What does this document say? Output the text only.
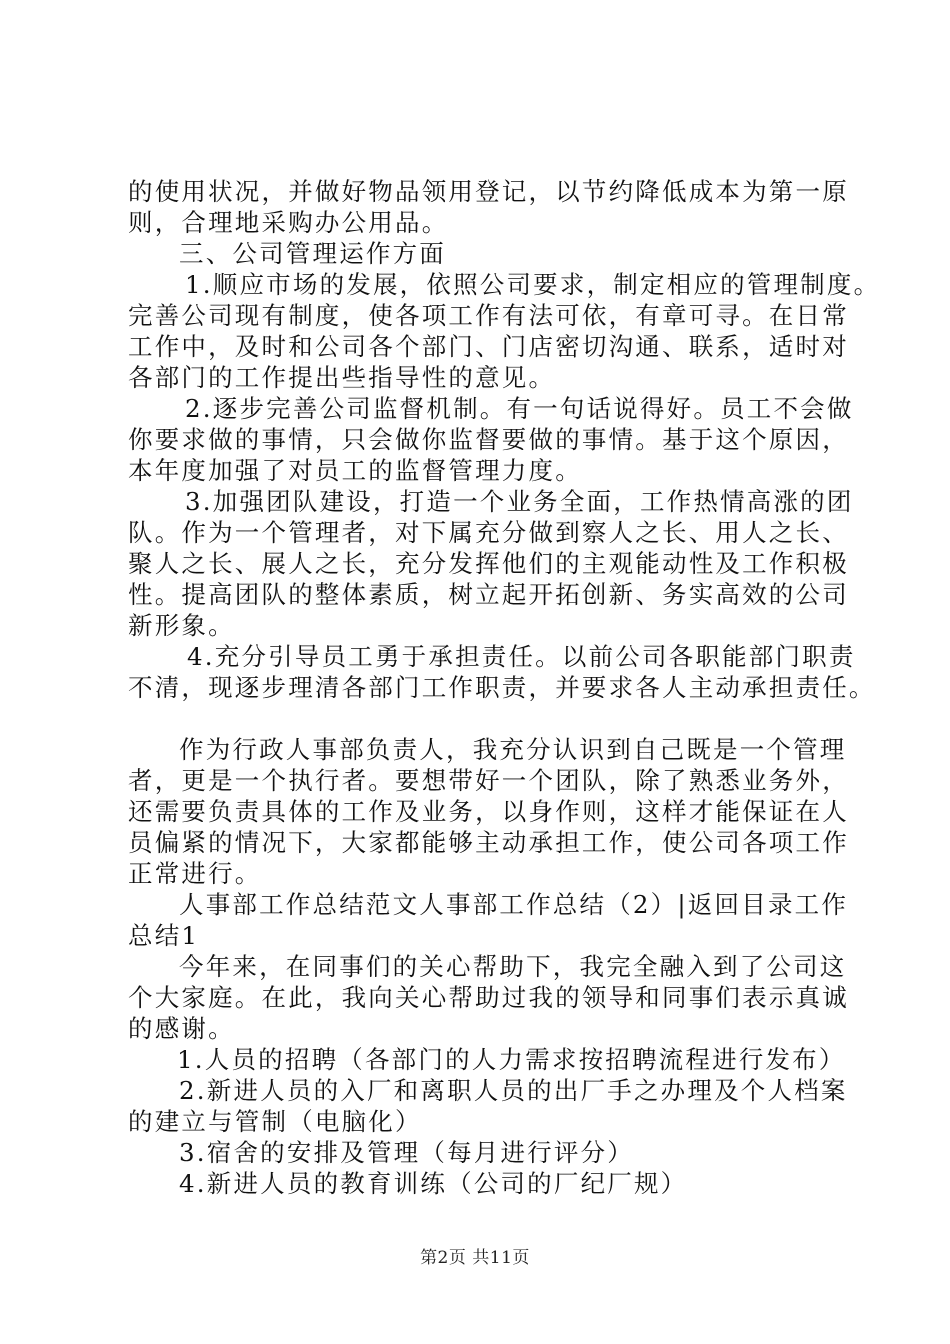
的使用状况，并做好物品领用登记，以节约降低成本为第一原
则，合理地采购办公用品。
三、公司管理运作方面
1.顺应市场的发展，依照公司要求，制定相应的管理制度。
完善公司现有制度，使各项工作有法可依，有章可寻。在日常
工作中，及时和公司各个部门、门店密切沟通、联系，适时对
各部门的工作提出些指导性的意见。
2.逐步完善公司监督机制。有一句话说得好。员工不会做
你要求做的事情，只会做你监督要做的事情。基于这个原因，
本年度加强了对员工的监督管理力度。
3.加强团队建设，打造一个业务全面，工作热情高涨的团
队。作为一个管理者，对下属充分做到察人之长、用人之长、
聚人之长、展人之长，充分发挥他们的主观能动性及工作积极
性。提高团队的整体素质，树立起开拓创新、务实高效的公司
新形象。
4.充分引导员工勇于承担责任。以前公司各职能部门职责
不清，现逐步理清各部门工作职责，并要求各人主动承担责任。
作为行政人事部负责人，我充分认识到自己既是一个管理
者，更是一个执行者。要想带好一个团队，除了熟悉业务外，
还需要负责具体的工作及业务，以身作则，这样才能保证在人
员偏紧的情况下，大家都能够主动承担工作，使公司各项工作
正常进行。
人事部工作总结范文人事部工作总结（2）|返回目录工作
总结1
今年来，在同事们的关心帮助下，我完全融入到了公司这
个大家庭。在此，我向关心帮助过我的领导和同事们表示真诚
的感谢。
1.人员的招聘（各部门的人力需求按招聘流程进行发布）
2.新进人员的入厂和离职人员的出厂手之办理及个人档案
的建立与管制（电脑化）
3.宿舍的安排及管理（每月进行评分）
4.新进人员的教育训练（公司的厂纪厂规）
第2页 共11页
